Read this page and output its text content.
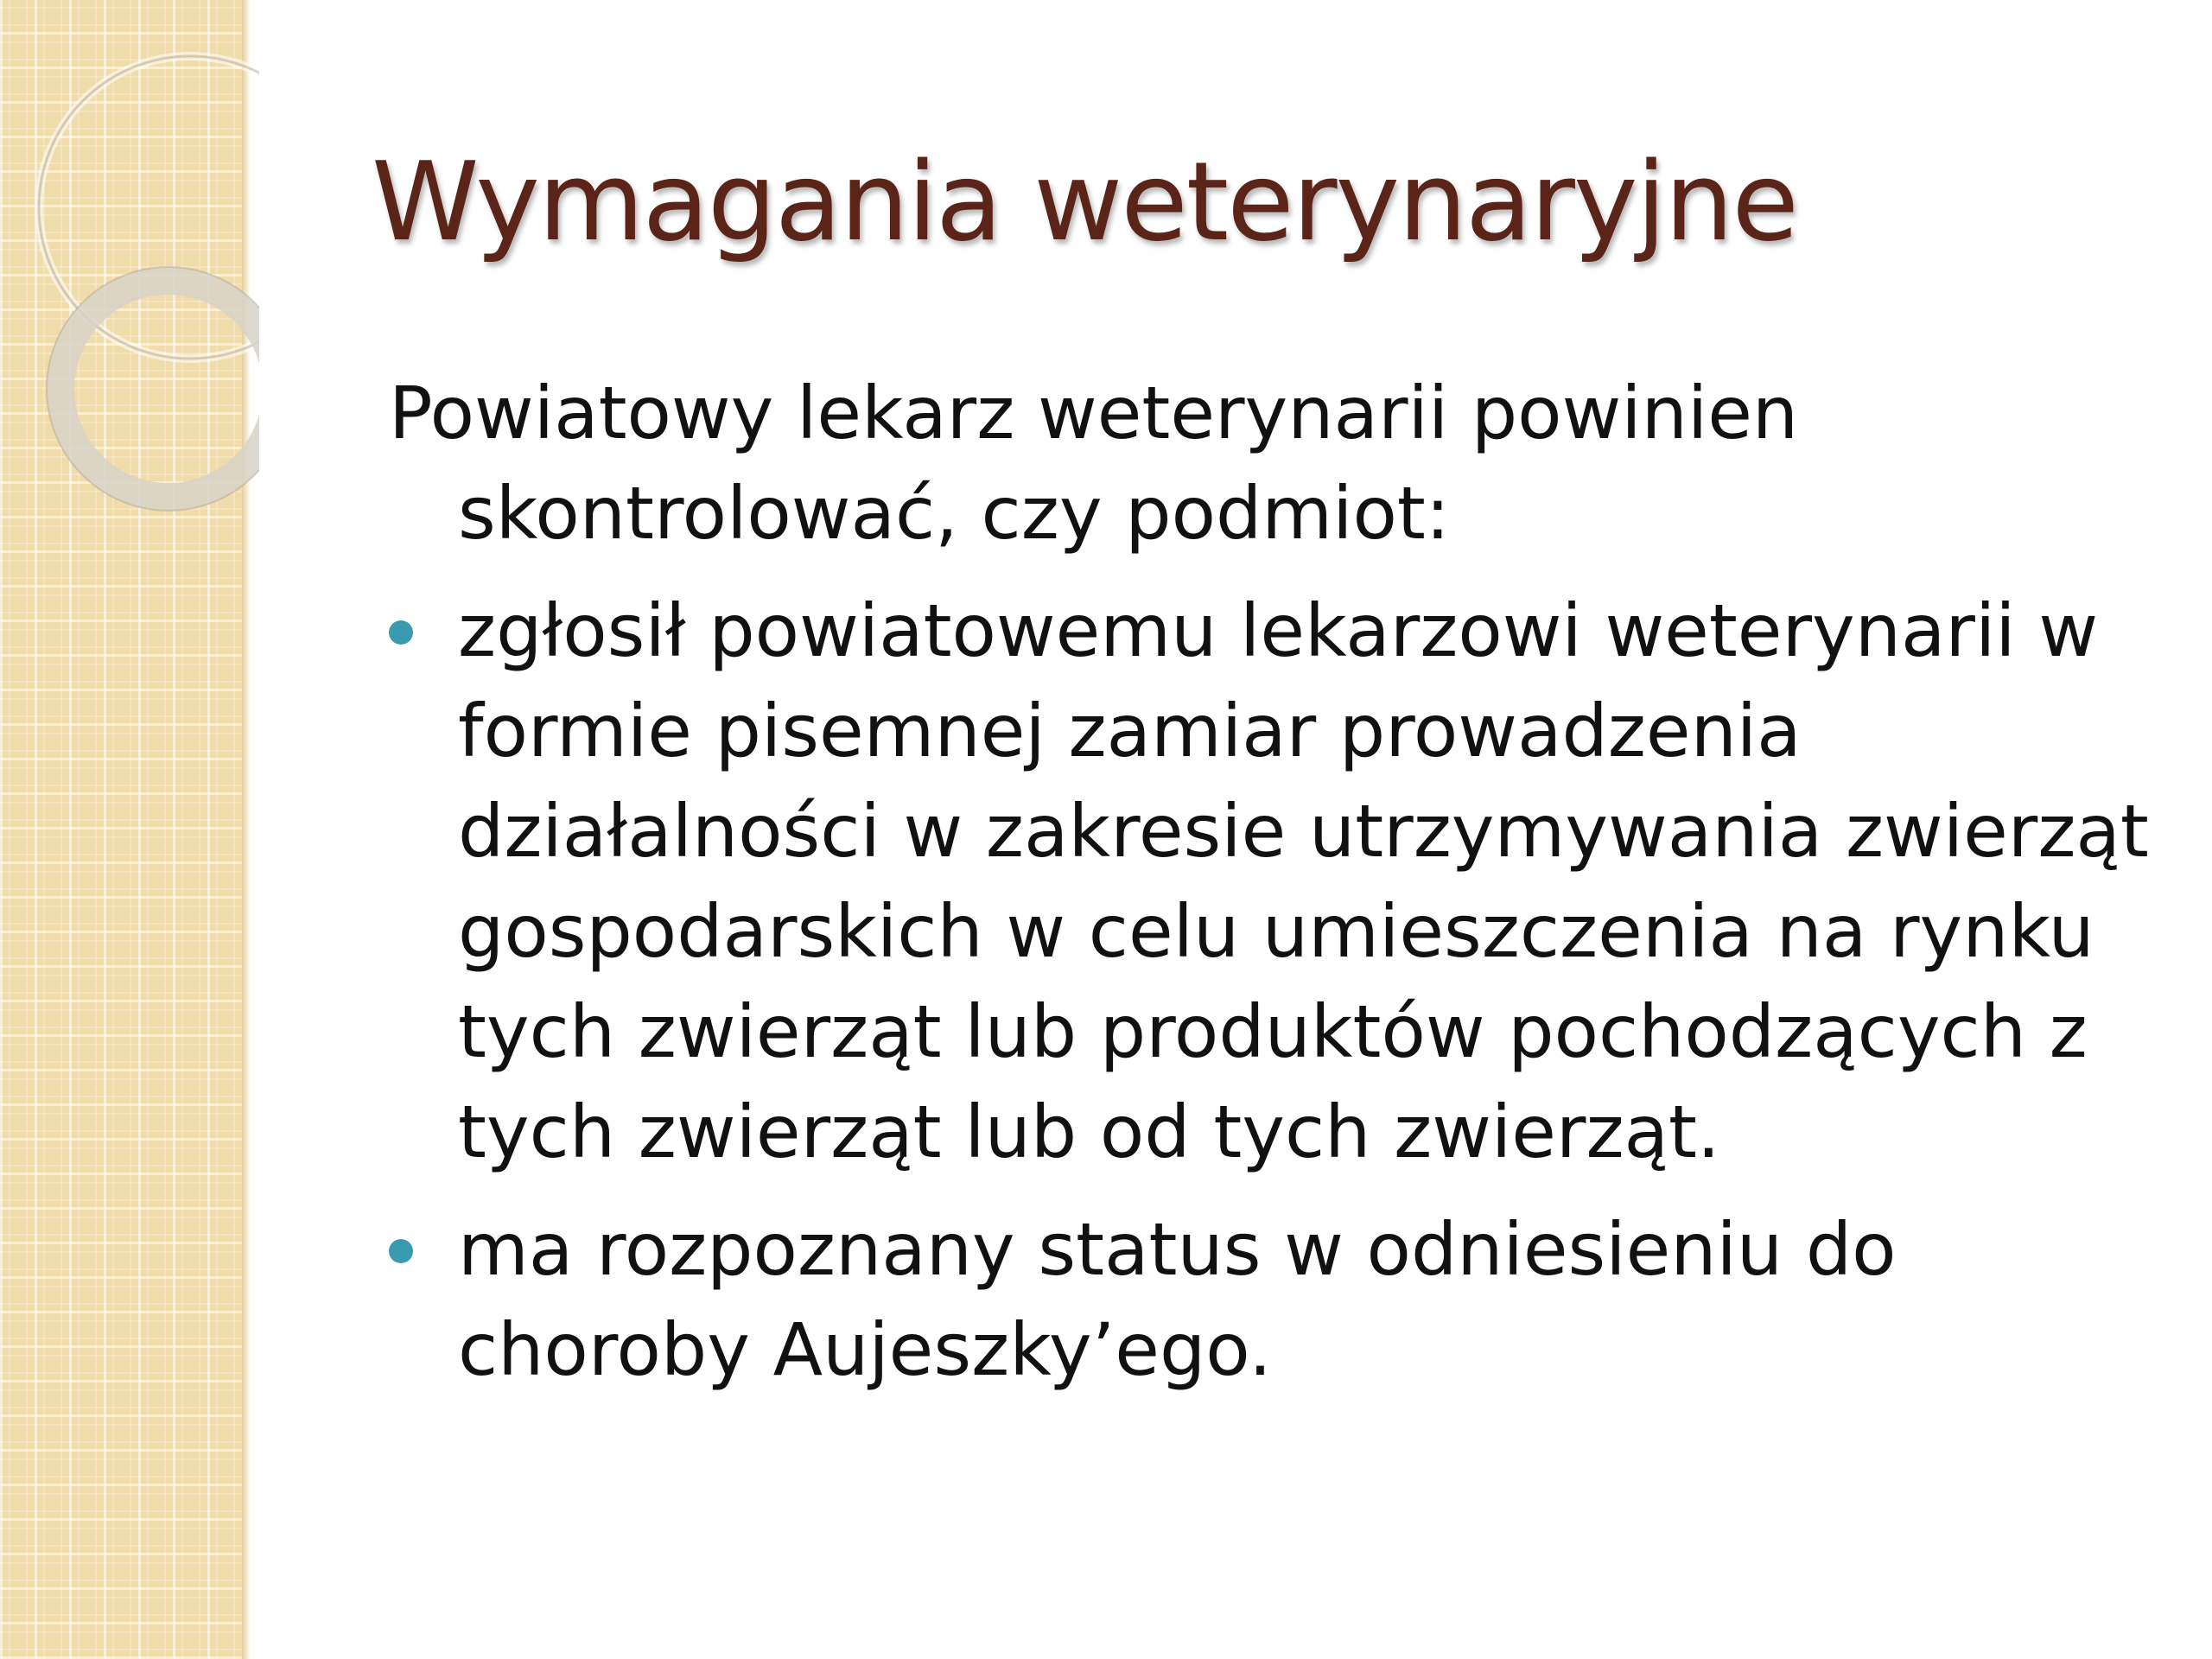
Wymagania weterynaryjne

Powiatowy lekarz weterynarii powinien skontrolować, czy podmiot:

zgłosił powiatowemu lekarzowi weterynarii w formie pisemnej zamiar prowadzenia działalności w zakresie utrzymywania zwierząt gospodarskich w celu umieszczenia na rynku tych zwierząt lub produktów pochodzących z tych zwierząt lub od tych zwierząt.
ma rozpoznany status w odniesieniu do choroby Aujeszky’ego.
